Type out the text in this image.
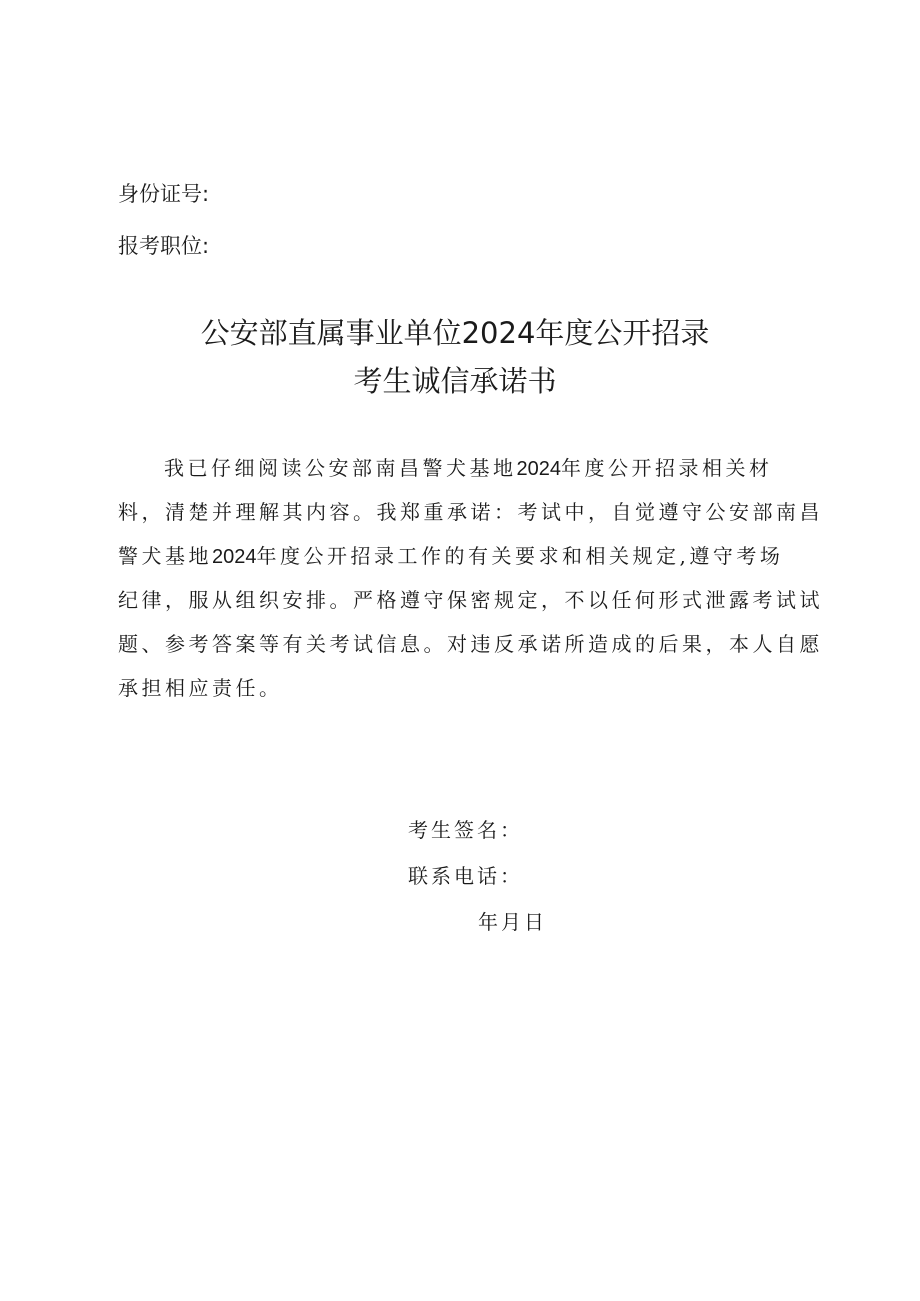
身份证号:
报考职位:
公安部直属事业单位2024年度公开招录
考生诚信承诺书
我已仔细阅读公安部南昌警犬基地2024年度公开招录相关材
料，清楚并理解其内容。我郑重承诺：考试中，自觉遵守公安部南昌
警犬基地2024年度公开招录工作的有关要求和相关规定,遵守考场
纪律，服从组织安排。严格遵守保密规定，不以任何形式泄露考试试
题、参考答案等有关考试信息。对违反承诺所造成的后果，本人自愿
承担相应责任。
考生签名：
联系电话：
年月日
